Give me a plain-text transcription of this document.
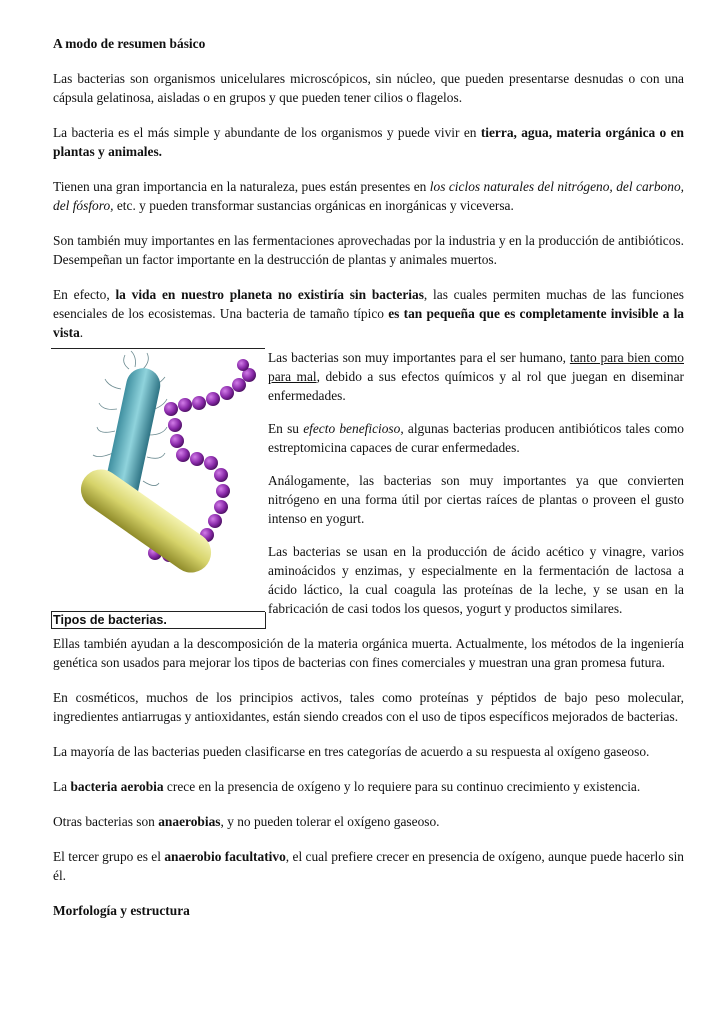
A modo de resumen básico

Las bacterias son organismos unicelulares microscópicos, sin núcleo, que pueden presentarse desnudas o con una cápsula gelatinosa, aisladas o en grupos y que pueden tener cilios o flagelos.

La bacteria es el más simple y abundante de los organismos y puede vivir en tierra, agua, materia orgánica o en plantas y animales.

Tienen una gran importancia en la naturaleza, pues están presentes en los ciclos naturales del nitrógeno, del carbono, del fósforo, etc. y pueden transformar sustancias orgánicas en inorgánicas y viceversa.

Son también muy importantes en las fermentaciones aprovechadas por la industria y en la producción de antibióticos. Desempeñan un factor importante en la destrucción de plantas y animales muertos.

En efecto, la vida en nuestro planeta no existiría sin bacterias, las cuales permiten muchas de las funciones esenciales de los ecosistemas. Una bacteria de tamaño típico es tan pequeña que es completamente invisible a la vista.

Tipos de bacterias.

Las bacterias son muy importantes para el ser humano, tanto para bien como para mal, debido a sus efectos químicos y al rol que juegan en diseminar enfermedades.

En su efecto beneficioso, algunas bacterias producen antibióticos tales como estreptomicina capaces de curar enfermedades.

Análogamente, las bacterias son muy importantes ya que convierten nitrógeno en una forma útil por ciertas raíces de plantas o proveen el gusto intenso en yogurt.

Las bacterias se usan en la producción de ácido acético y vinagre, varios aminoácidos y enzimas, y especialmente en la fermentación de lactosa a ácido láctico, la cual coagula las proteínas de la leche, y se usan en la fabricación de casi todos los quesos, yogurt y productos similares.

Ellas también ayudan a la descomposición de la materia orgánica muerta. Actualmente, los métodos de la ingeniería genética son usados para mejorar los tipos de bacterias con fines comerciales y muestran una gran promesa futura.

En cosméticos, muchos de los principios activos, tales como proteínas y péptidos de bajo peso molecular, ingredientes antiarrugas y antioxidantes, están siendo creados con el uso de tipos específicos mejorados de bacterias.

La mayoría de las bacterias pueden clasificarse en tres categorías de acuerdo a su respuesta al oxígeno gaseoso.

La bacteria aerobia crece en la presencia de oxígeno y lo requiere para su continuo crecimiento y existencia.

Otras bacterias son anaerobias, y no pueden tolerar el oxígeno gaseoso.

El tercer grupo es el anaerobio facultativo, el cual prefiere crecer en presencia de oxígeno, aunque puede hacerlo sin él.

Morfología y estructura
